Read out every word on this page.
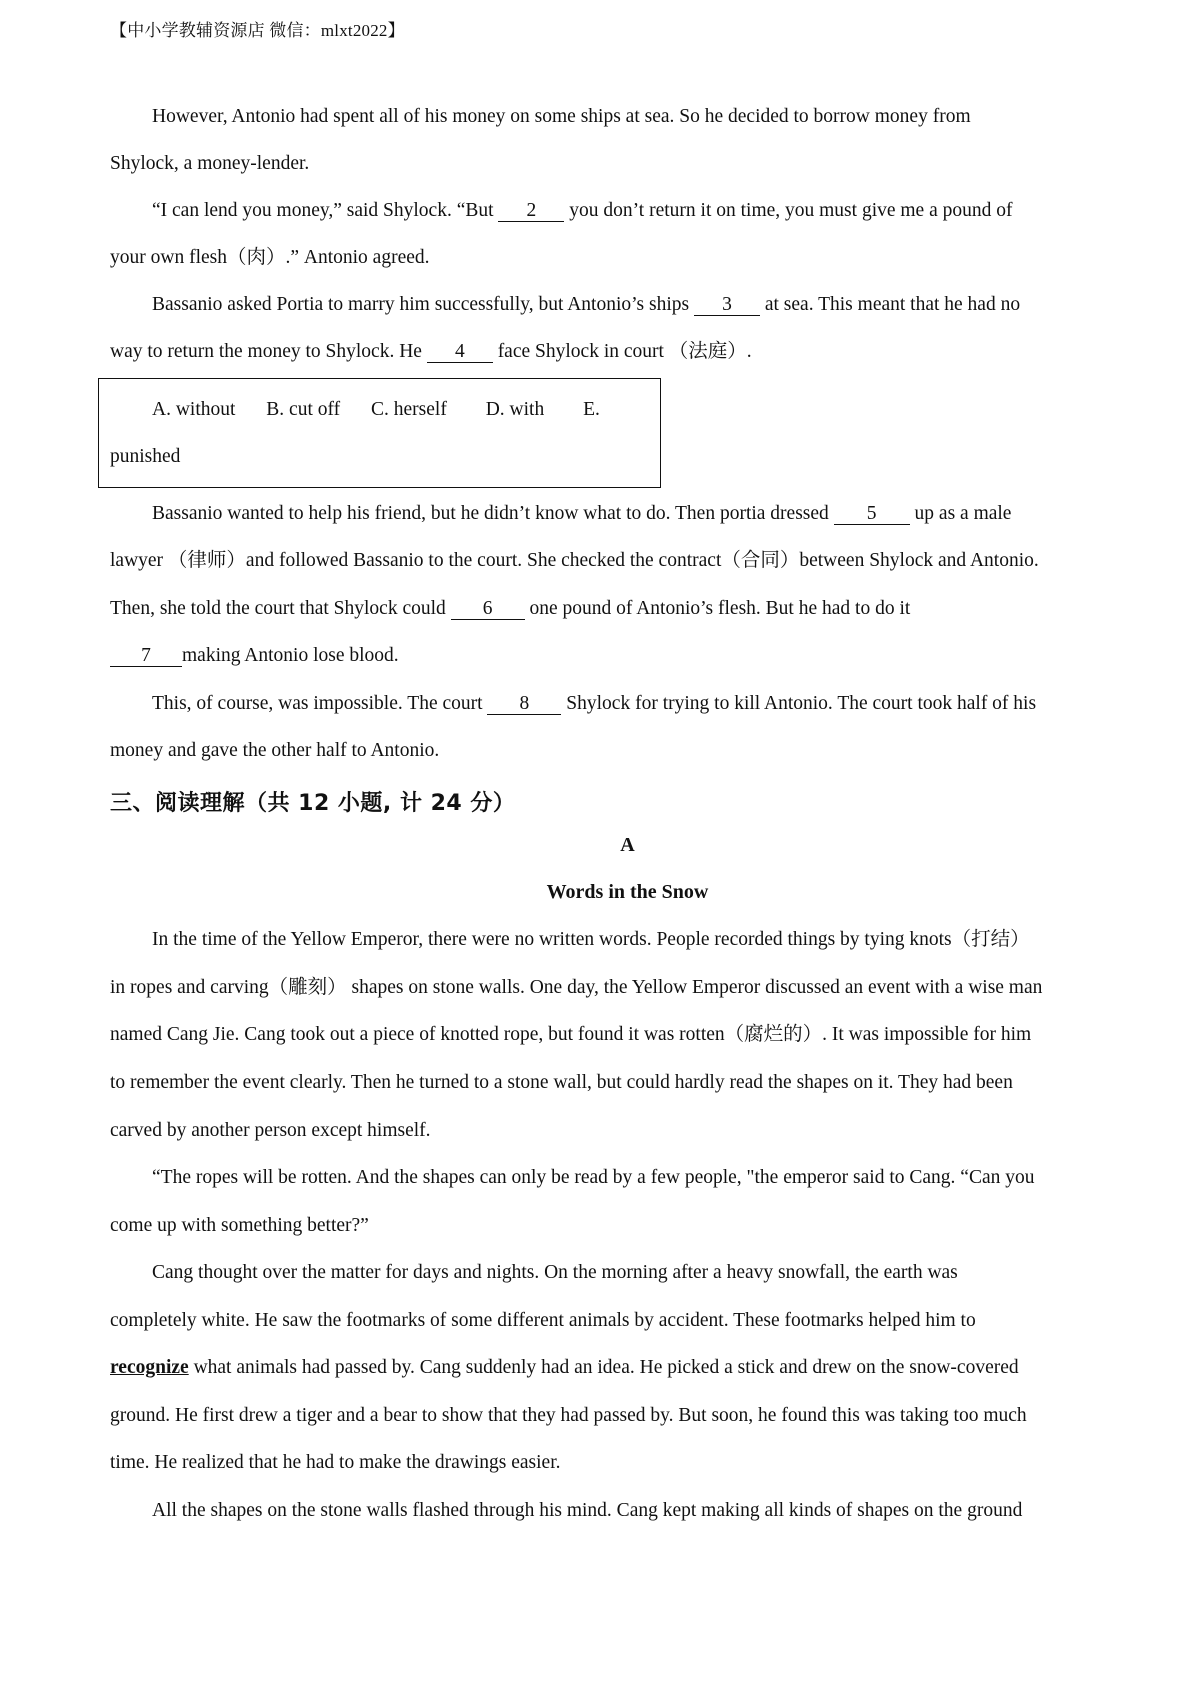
【中小学教辅资源店 微信：mlxt2022】
However, Antonio had spent all of his money on some ships at sea. So he decided to borrow money from
Shylock, a money-lender.
“I can lend you money,” said Shylock. “But 2 you don’t return it on time, you must give me a pound of
your own flesh（肉）.” Antonio agreed.
Bassanio asked Portia to marry him successfully, but Antonio’s ships 3 at sea. This meant that he had no
way to return the money to Shylock. He 4 face Shylock in court （法庭）.
A. without B. cut off C. herself D. with E.
punished
Bassanio wanted to help his friend, but he didn’t know what to do. Then portia dressed 5 up as a male
lawyer （律师）and followed Bassanio to the court. She checked the contract（合同）between Shylock and Antonio.
Then, she told the court that Shylock could 6 one pound of Antonio’s flesh. But he had to do it
7 making Antonio lose blood.
This, of course, was impossible. The court 8 Shylock for trying to kill Antonio. The court took half of his
money and gave the other half to Antonio.
三、阅读理解（共 12 小题, 计 24 分）
A
Words in the Snow
In the time of the Yellow Emperor, there were no written words. People recorded things by tying knots（打结）
in ropes and carving（雕刻） shapes on stone walls. One day, the Yellow Emperor discussed an event with a wise man
named Cang Jie. Cang took out a piece of knotted rope, but found it was rotten（腐烂的）. It was impossible for him
to remember the event clearly. Then he turned to a stone wall, but could hardly read the shapes on it. They had been
carved by another person except himself.
“The ropes will be rotten. And the shapes can only be read by a few people, "the emperor said to Cang. “Can you
come up with something better?”
Cang thought over the matter for days and nights. On the morning after a heavy snowfall, the earth was
completely white. He saw the footmarks of some different animals by accident. These footmarks helped him to
recognize what animals had passed by. Cang suddenly had an idea. He picked a stick and drew on the snow-covered
ground. He first drew a tiger and a bear to show that they had passed by. But soon, he found this was taking too much
time. He realized that he had to make the drawings easier.
All the shapes on the stone walls flashed through his mind. Cang kept making all kinds of shapes on the ground
